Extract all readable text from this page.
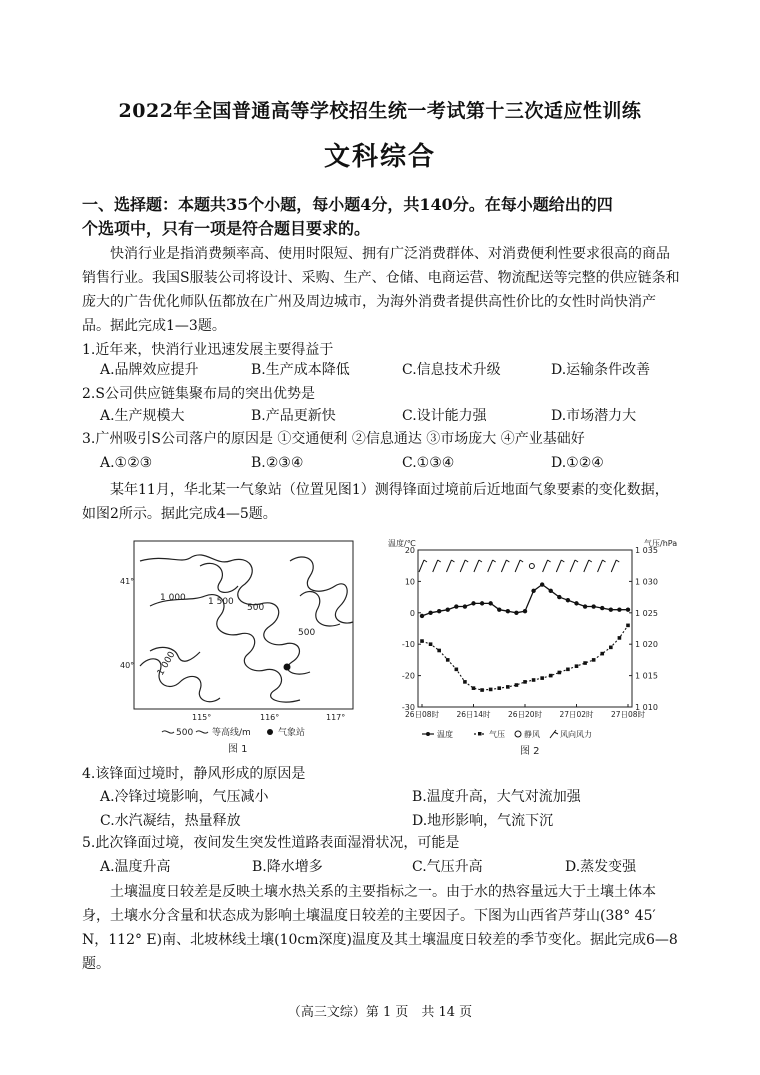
2022年全国普通高等学校招生统一考试第十三次适应性训练
文科综合
一、选择题：本题共35个小题，每小题4分，共140分。在每小题给出的四
个选项中，只有一项是符合题目要求的。
快消行业是指消费频率高、使用时限短、拥有广泛消费群体、对消费便利性要求很高的商品销售行业。我国S服装公司将设计、采购、生产、仓储、电商运营、物流配送等完整的供应链条和庞大的广告优化师队伍都放在广州及周边城市，为海外消费者提供高性价比的女性时尚快消产品。据此完成1—3题。
1.近年来，快消行业迅速发展主要得益于
A.品牌效应提升	B.生产成本降低	C.信息技术升级	D.运输条件改善
2.S公司供应链集聚布局的突出优势是
A.生产规模大	B.产品更新快	C.设计能力强	D.市场潜力大
3.广州吸引S公司落户的原因是 ①交通便利 ②信息通达 ③市场庞大 ④产业基础好
A.①②③	B.②③④	C.①③④	D.①②④
某年11月，华北某一气象站（位置见图1）测得锋面过境前后近地面气象要素的变化数据，如图2所示。据此完成4—5题。
1 500
1 000
500
500
1 000
41°
40°
115°	116°	117°
500 等高线/m	气象站
图 1
温度/℃	气压/hPa
20
10
0
-10
-20
-30
1 035
1 030
1 025
1 020
1 015
1 010
26日08时 26日14时 26日20时 27日02时 27日08时
温度	气压 静风	风向风力
图 2
4.该锋面过境时，静风形成的原因是
A.冷锋过境影响，气压减小	B.温度升高，大气对流加强
C.水汽凝结，热量释放	D.地形影响，气流下沉
5.此次锋面过境，夜间发生突发性道路表面湿滑状况，可能是
A.温度升高	B.降水增多	C.气压升高	D.蒸发变强
土壤温度日较差是反映土壤水热关系的主要指标之一。由于水的热容量远大于土壤土体本身，土壤水分含量和状态成为影响土壤温度日较差的主要因子。下图为山西省芦芽山(38° 45′ N，112° E)南、北坡林线土壤(10cm深度)温度及其土壤温度日较差的季节变化。据此完成6—8题。
（高三文综）第 1 页　共 14 页
